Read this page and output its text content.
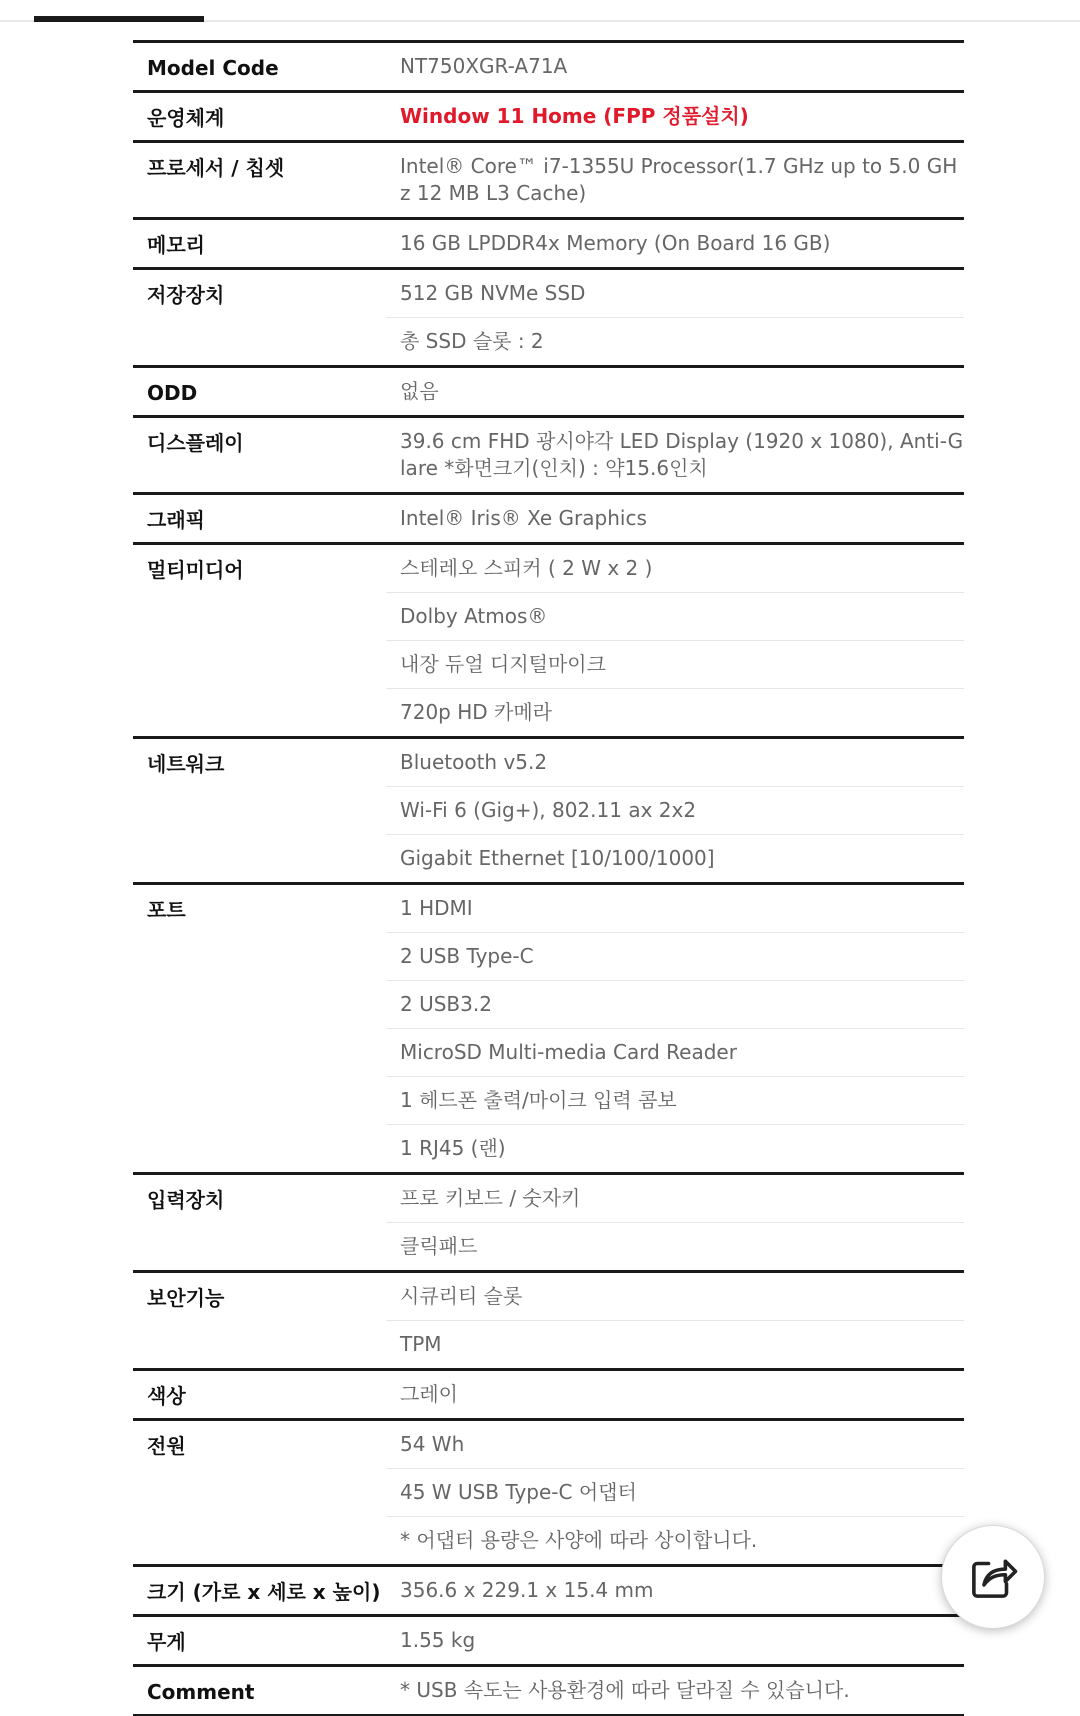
Model Code	NT750XGR-A71A
운영체계	Window 11 Home (FPP 정품설치)
프로세서 / 칩셋	Intel® Core™ i7-1355U Processor(1.7 GHz up to 5.0 GHz 12 MB L3 Cache)
메모리	16 GB LPDDR4x Memory (On Board 16 GB)
저장장치	512 GB NVMe SSD
총 SSD 슬롯 : 2
ODD	없음
디스플레이	39.6 cm FHD 광시야각 LED Display (1920 x 1080), Anti-Glare *화면크기(인치) : 약15.6인치
그래픽	Intel® Iris® Xe Graphics
멀티미디어	스테레오 스피커 ( 2 W x 2 )
Dolby Atmos®
내장 듀얼 디지털마이크
720p HD 카메라
네트워크	Bluetooth v5.2
Wi-Fi 6 (Gig+), 802.11 ax 2x2
Gigabit Ethernet [10/100/1000]
포트	1 HDMI
2 USB Type-C
2 USB3.2
MicroSD Multi-media Card Reader
1 헤드폰 출력/마이크 입력 콤보
1 RJ45 (랜)
입력장치	프로 키보드 / 숫자키
클릭패드
보안기능	시큐리티 슬롯
TPM
색상	그레이
전원	54 Wh
45 W USB Type-C 어댑터
* 어댑터 용량은 사양에 따라 상이합니다.
크기 (가로 x 세로 x 높이) 356.6 x 229.1 x 15.4 mm
무게	1.55 kg
Comment	* USB 속도는 사용환경에 따라 달라질 수 있습니다.
